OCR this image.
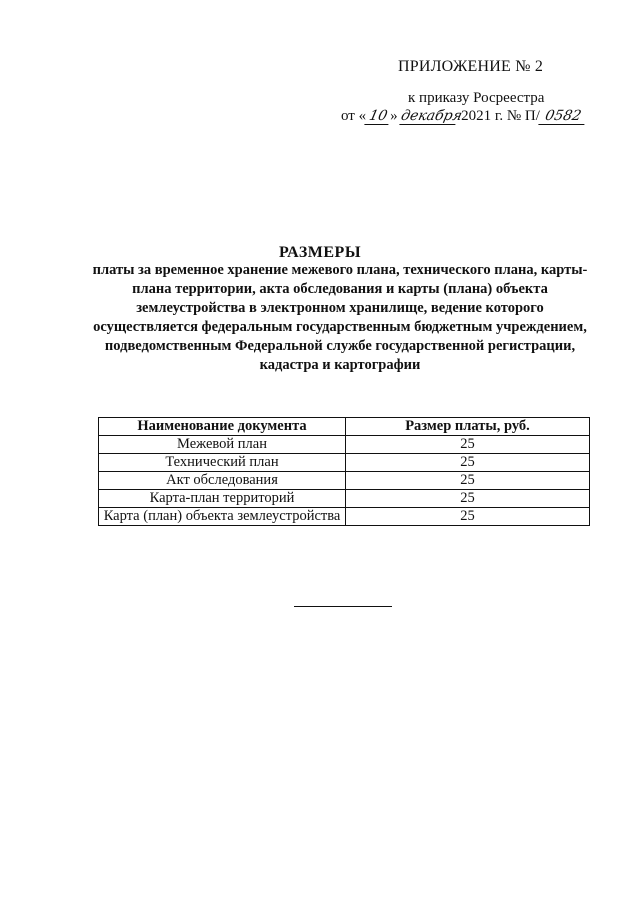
ПРИЛОЖЕНИЕ № 2
к приказу Росреестра
от « 10» декабря 2021 г. № П/ 0582
РАЗМЕРЫ
платы за временное хранение межевого плана, технического плана, карты-плана территории, акта обследования и карты (плана) объекта землеустройства в электронном хранилище, ведение которого осуществляется федеральным государственным бюджетным учреждением, подведомственным Федеральной службе государственной регистрации, кадастра и картографии
Наименование документа	Размер платы, руб.
Межевой план	25
Технический план	25
Акт обследования	25
Карта-план территорий	25
Карта (план) объекта землеустройства	25
